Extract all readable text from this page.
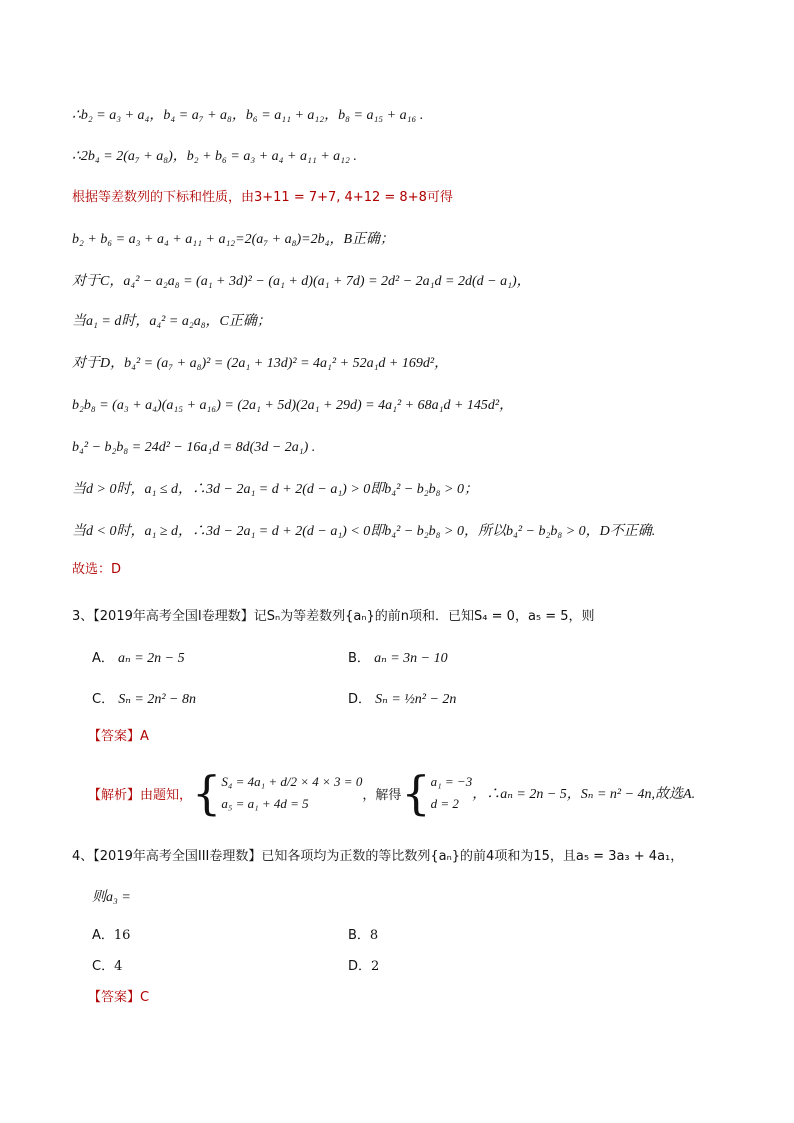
∴b₂ = a₃ + a₄，b₄ = a₇ + a₈，b₆ = a₁₁ + a₁₂，b₈ = a₁₅ + a₁₆ .
∴2b₄ = 2(a₇ + a₈)，b₂ + b₆ = a₃ + a₄ + a₁₁ + a₁₂ .
根据等差数列的下标和性质，由3+11 = 7+7, 4+12 = 8+8可得
b₂ + b₆ = a₃ + a₄ + a₁₁ + a₁₂=2(a₇ + a₈)=2b₄，B正确；
对于C，a₄² − a₂a₈ = (a₁ + 3d)² − (a₁ + d)(a₁ + 7d) = 2d² − 2a₁d = 2d(d − a₁)，
当a₁ = d时，a₄² = a₂a₈，C正确；
对于D，b₄² = (a₇ + a₈)² = (2a₁ + 13d)² = 4a₁² + 52a₁d + 169d²，
b₂b₈ = (a₃ + a₄)(a₁₅ + a₁₆) = (2a₁ + 5d)(2a₁ + 29d) = 4a₁² + 68a₁d + 145d²，
b₄² − b₂b₈ = 24d² − 16a₁d = 8d(3d − 2a₁) .
当d > 0时，a₁ ≤ d，∴3d − 2a₁ = d + 2(d − a₁) > 0即b₄² − b₂b₈ > 0；
当d < 0时，a₁ ≥ d，∴3d − 2a₁ = d + 2(d − a₁) < 0即b₄² − b₂b₈ > 0，所以b₄² − b₂b₈ > 0，D不正确.
故选：D
3、【2019年高考全国I卷理数】记Sₙ为等差数列{aₙ}的前n项和．已知S₄ = 0，a₅ = 5，则
A． aₙ = 2n − 5	B． aₙ = 3n − 10
C． Sₙ = 2n² − 8n	D． Sₙ = ½n² − 2n
【答案】A
【解析】 由题知， { S₄ = 4a₁ + d/2 × 4 × 3 = 0
a₅ = a₁ + 4d = 5
，解得 { a₁ = −3
d = 2
，∴aₙ = 2n − 5，Sₙ = n² − 4n,故选A.
4、【2019年高考全国III卷理数】已知各项均为正数的等比数列{aₙ}的前4项和为15，且a₅ = 3a₃ + 4a₁，
则a₃ =
A．16	B．8
C．4	D．2
【答案】C
